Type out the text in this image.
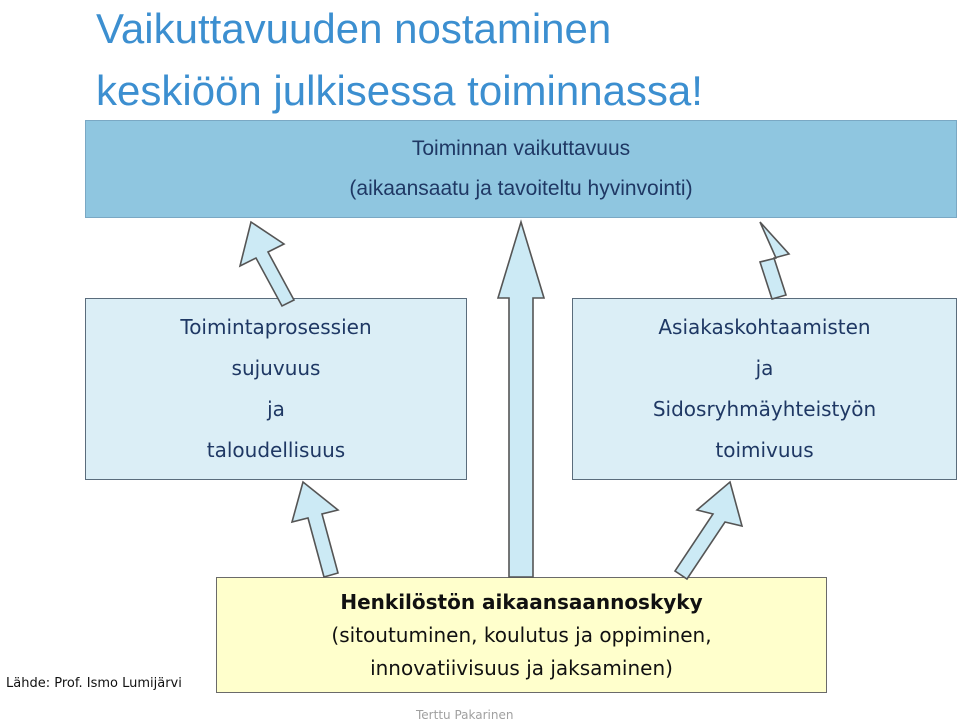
Vaikuttavuuden nostaminen
keskiöön julkisessa toiminnassa!
Toiminnan vaikuttavuus
(aikaansaatu ja tavoiteltu hyvinvointi)
Toimintaprosessien
sujuvuus
ja
taloudellisuus
Asiakaskohtaamisten
ja
Sidosryhmäyhteistyön
toimivuus
Henkilöstön aikaansaannoskyky
(sitoutuminen, koulutus ja oppiminen,
innovatiivisuus ja jaksaminen)

Lähde: Prof. Ismo Lumijärvi

Terttu Pakarinen
